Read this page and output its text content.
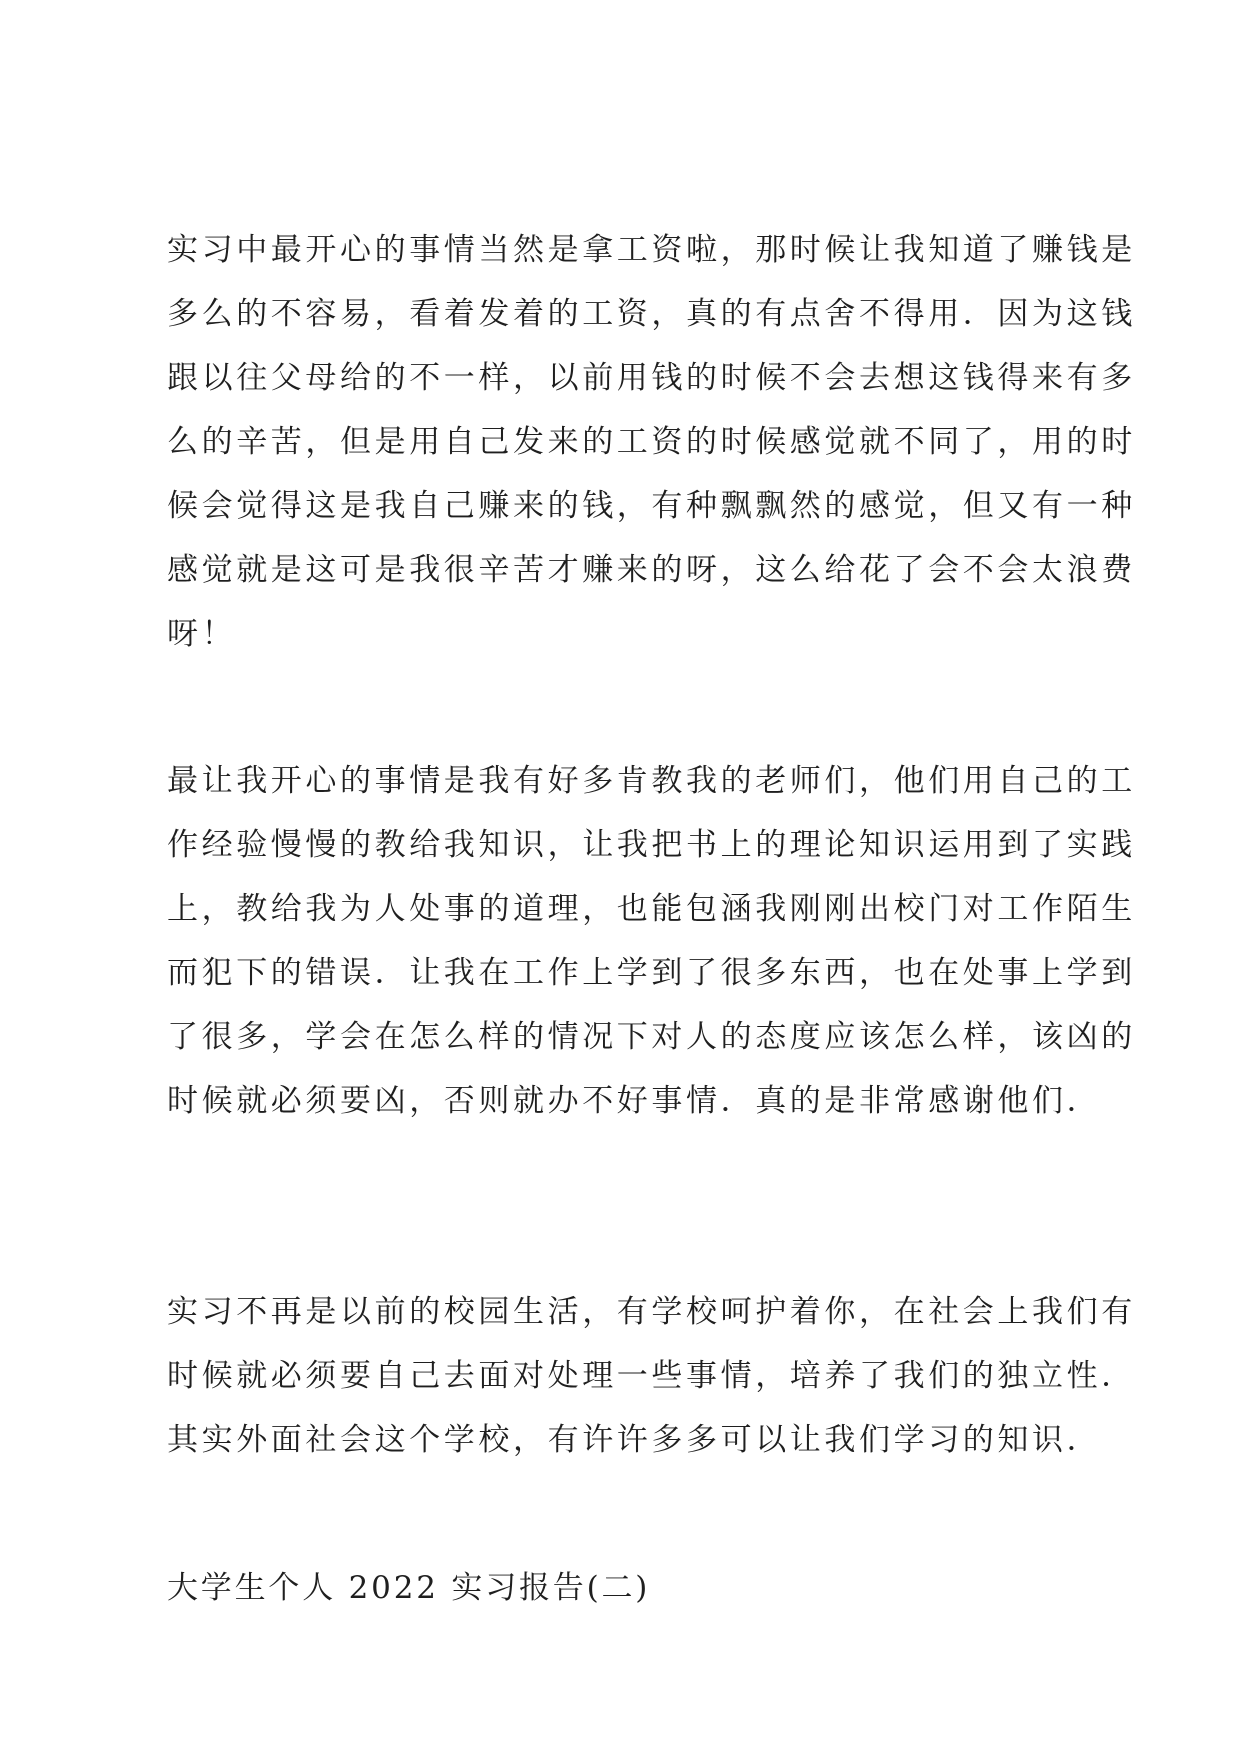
实习中最开心的事情当然是拿工资啦，那时候让我知道了赚钱是
多么的不容易，看着发着的工资，真的有点舍不得用．因为这钱
跟以往父母给的不一样，以前用钱的时候不会去想这钱得来有多
么的辛苦，但是用自己发来的工资的时候感觉就不同了，用的时
候会觉得这是我自己赚来的钱，有种飘飘然的感觉，但又有一种
感觉就是这可是我很辛苦才赚来的呀，这么给花了会不会太浪费
呀！
最让我开心的事情是我有好多肯教我的老师们，他们用自己的工
作经验慢慢的教给我知识，让我把书上的理论知识运用到了实践
上，教给我为人处事的道理，也能包涵我刚刚出校门对工作陌生
而犯下的错误．让我在工作上学到了很多东西，也在处事上学到
了很多，学会在怎么样的情况下对人的态度应该怎么样，该凶的
时候就必须要凶，否则就办不好事情．真的是非常感谢他们．
实习不再是以前的校园生活，有学校呵护着你，在社会上我们有
时候就必须要自己去面对处理一些事情，培养了我们的独立性．
其实外面社会这个学校，有许许多多可以让我们学习的知识．
大学生个人 2022 实习报告(二)
